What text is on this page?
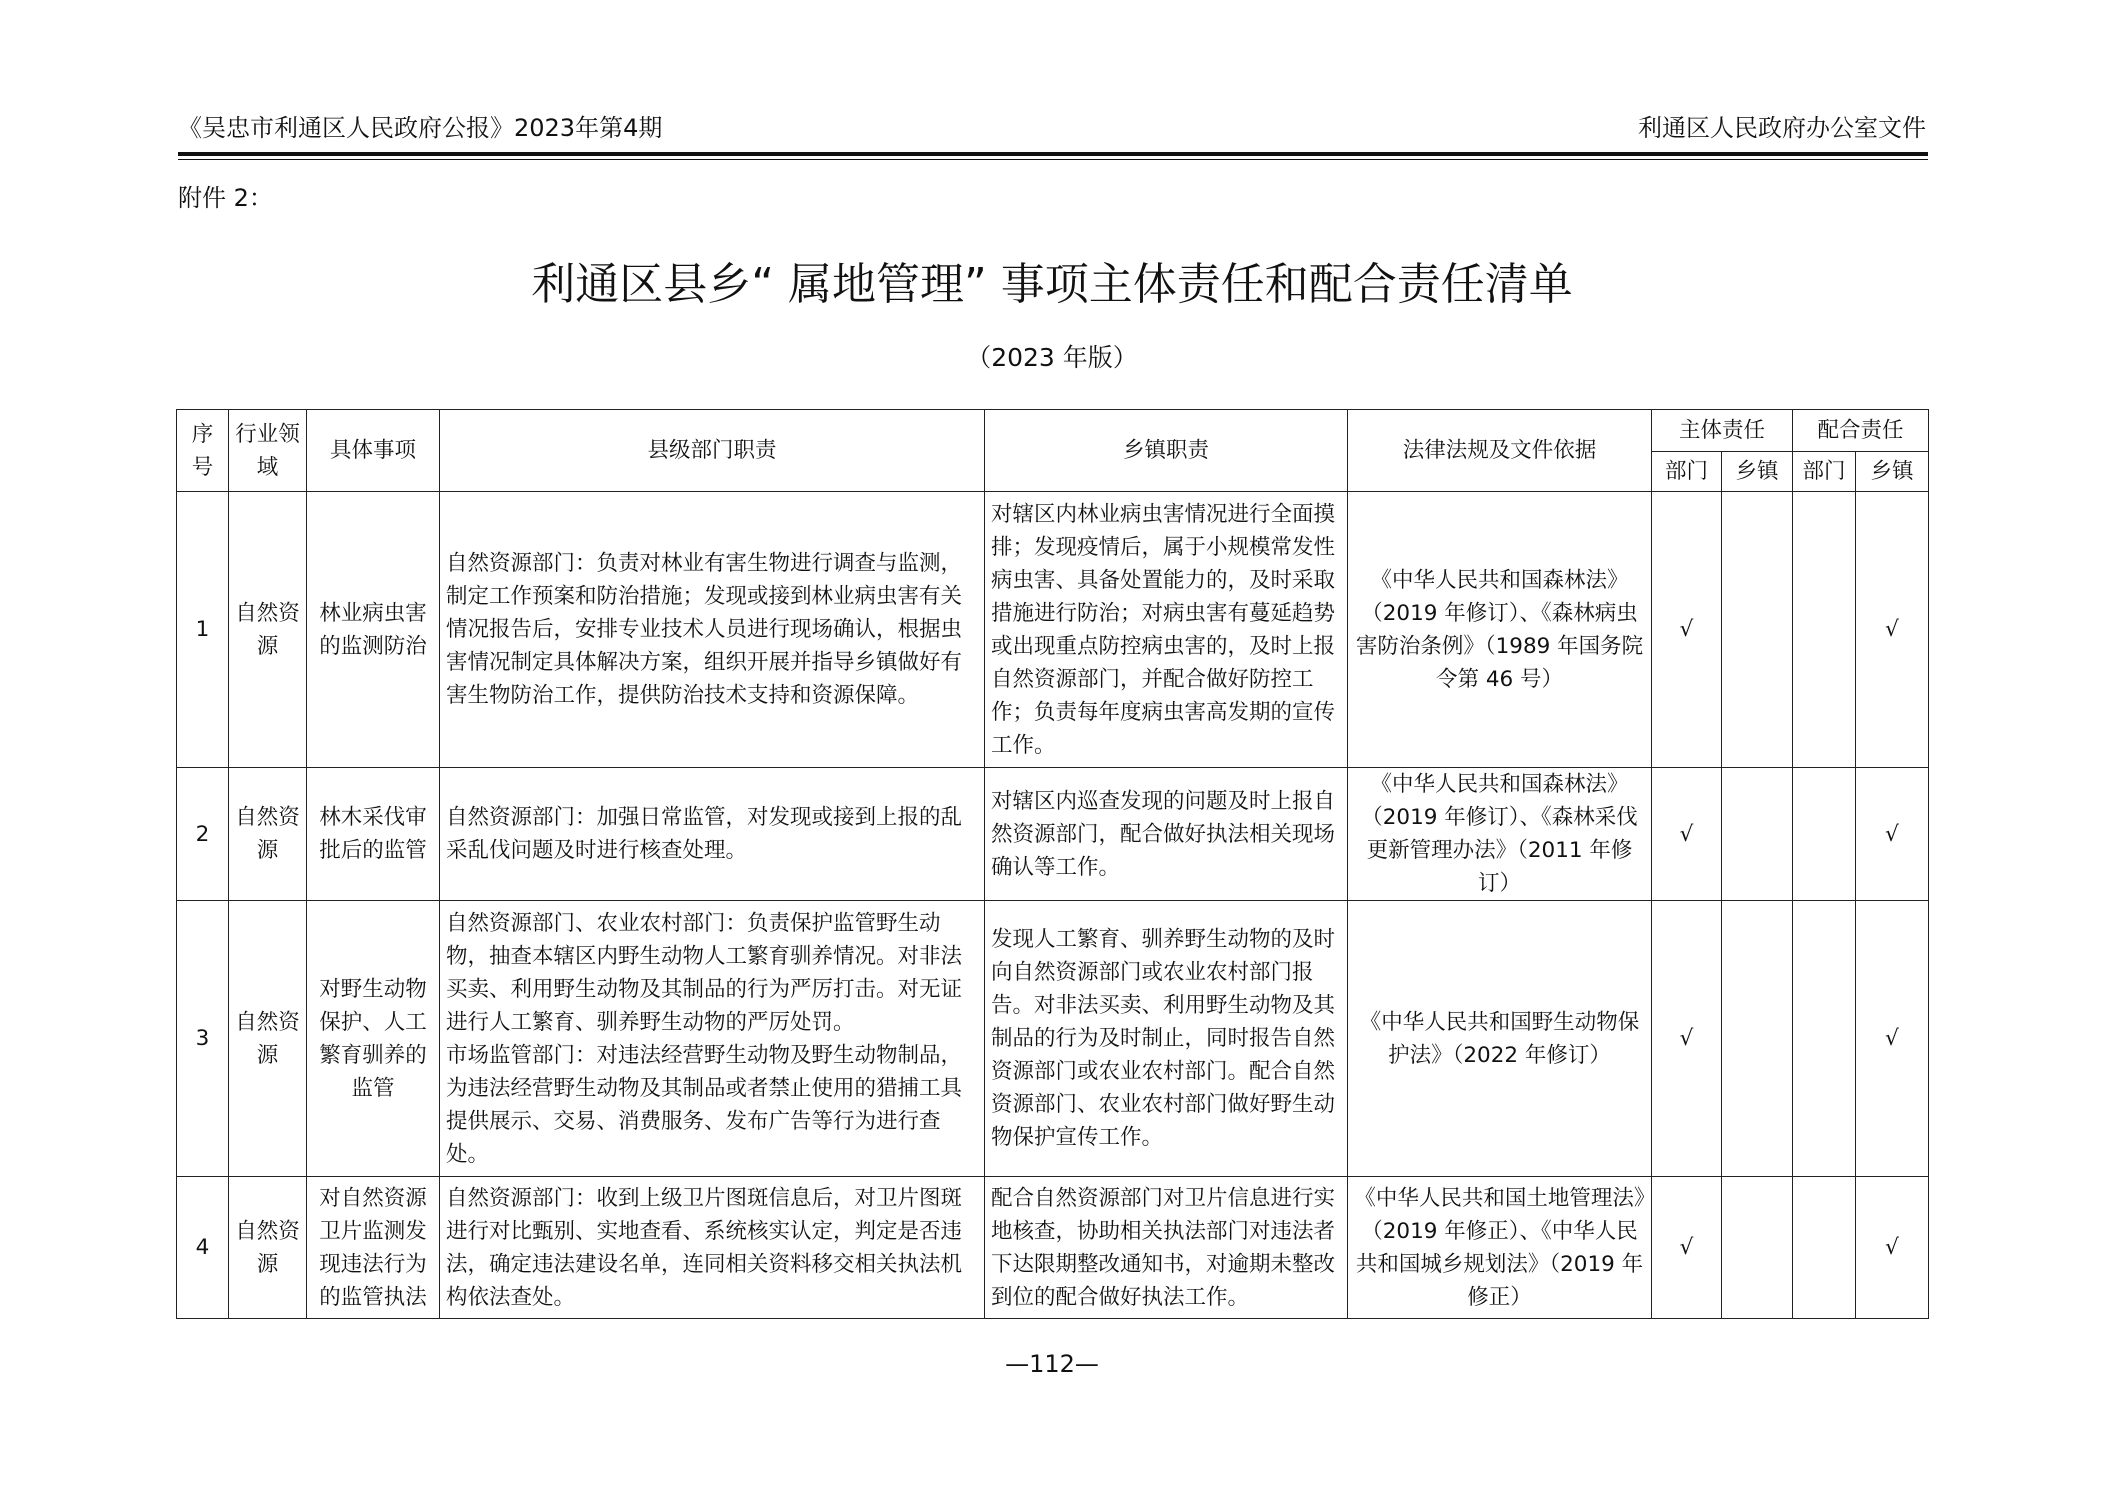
《吴忠市利通区人民政府公报》2023年第4期	利通区人民政府办公室文件
附件 2：
利通区县乡“ 属地管理” 事项主体责任和配合责任清单
（2023 年版）
序号	行业领域	具体事项	县级部门职责	乡镇职责	法律法规及文件依据	主体责任		配合责任	
						部门	乡镇	部门	乡镇
1	自然资源	林业病虫害的监测防治	自然资源部门：负责对林业有害生物进行调查与监测，制定工作预案和防治措施；发现或接到林业病虫害有关情况报告后，安排专业技术人员进行现场确认，根据虫害情况制定具体解决方案，组织开展并指导乡镇做好有害生物防治工作，提供防治技术支持和资源保障。	对辖区内林业病虫害情况进行全面摸排；发现疫情后，属于小规模常发性病虫害、具备处置能力的，及时采取措施进行防治；对病虫害有蔓延趋势或出现重点防控病虫害的，及时上报自然资源部门，并配合做好防控工作；负责每年度病虫害高发期的宣传工作。	《中华人民共和国森林法》（2019 年修订）、《森林病虫害防治条例》（1989 年国务院令第 46 号）	√			√
2	自然资源	林木采伐审批后的监管	自然资源部门：加强日常监管，对发现或接到上报的乱采乱伐问题及时进行核查处理。	对辖区内巡查发现的问题及时上报自然资源部门，配合做好执法相关现场确认等工作。	《中华人民共和国森林法》（2019 年修订）、《森林采伐更新管理办法》（2011 年修订）	√			√
3	自然资源	对野生动物保护、人工繁育驯养的监管	自然资源部门、农业农村部门：负责保护监管野生动物，抽查本辖区内野生动物人工繁育驯养情况。对非法买卖、利用野生动物及其制品的行为严厉打击。对无证进行人工繁育、驯养野生动物的严厉处罚。
市场监管部门：对违法经营野生动物及野生动物制品，为违法经营野生动物及其制品或者禁止使用的猎捕工具提供展示、交易、消费服务、发布广告等行为进行查处。	发现人工繁育、驯养野生动物的及时向自然资源部门或农业农村部门报告。对非法买卖、利用野生动物及其制品的行为及时制止，同时报告自然资源部门或农业农村部门。配合自然资源部门、农业农村部门做好野生动物保护宣传工作。	《中华人民共和国野生动物保护法》（2022 年修订）	√			√
4	自然资源	对自然资源卫片监测发现违法行为的监管执法	自然资源部门：收到上级卫片图斑信息后，对卫片图斑进行对比甄别、实地查看、系统核实认定，判定是否违法，确定违法建设名单，连同相关资料移交相关执法机构依法查处。	配合自然资源部门对卫片信息进行实地核查，协助相关执法部门对违法者下达限期整改通知书，对逾期未整改到位的配合做好执法工作。	《中华人民共和国土地管理法》（2019 年修正）、《中华人民共和国城乡规划法》（2019 年修正）	√			√
—112—
